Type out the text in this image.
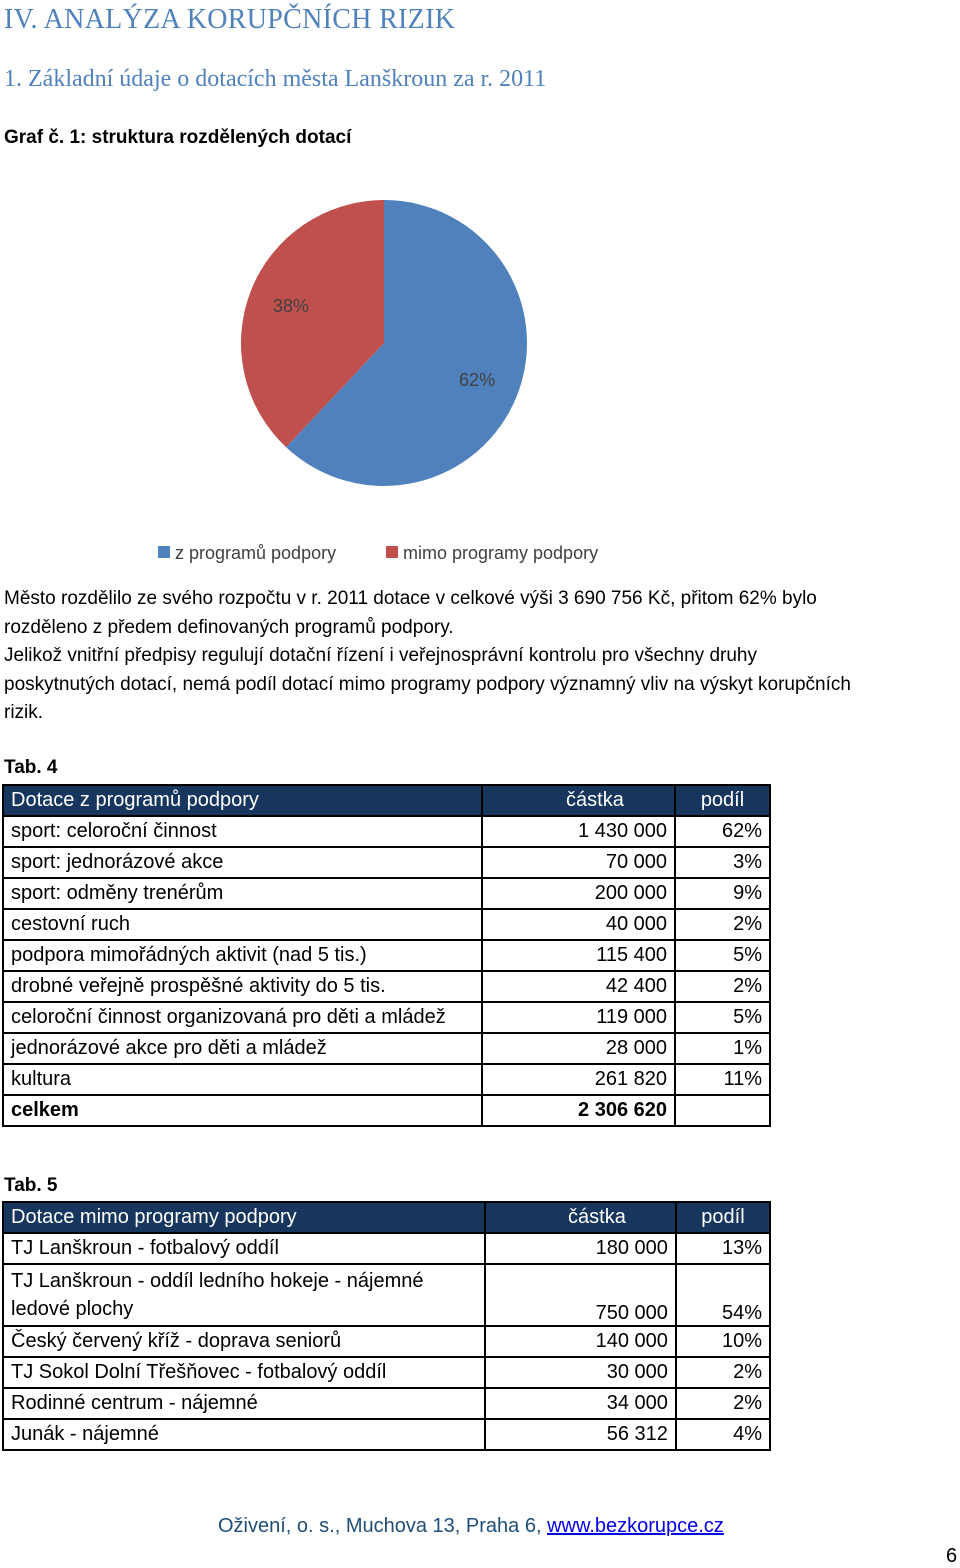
IV. ANALÝZA KORUPČNÍCH RIZIK
1. Základní údaje o dotacích města Lanškroun za r. 2011
Graf č. 1: struktura rozdělených dotací
62%
38%
z programů podpory	mimo programy podpory
Město rozdělilo ze svého rozpočtu v r. 2011 dotace v celkové výši 3 690 756 Kč, přitom 62% bylo
rozděleno z předem definovaných programů podpory.
Jelikož vnitřní předpisy regulují dotační řízení i veřejnosprávní kontrolu pro všechny druhy
poskytnutých dotací, nemá podíl dotací mimo programy podpory významný vliv na výskyt korupčních
rizik.
Tab. 4
Dotace z programů podpory	částka	podíl
sport: celoroční činnost	1 430 000	62%
sport: jednorázové akce	70 000	3%
sport: odměny trenérům	200 000	9%
cestovní ruch	40 000	2%
podpora mimořádných aktivit (nad 5 tis.)	115 400	5%
drobné veřejně prospěšné aktivity do 5 tis.	42 400	2%
celoroční činnost organizovaná pro děti a mládež	119 000	5%
jednorázové akce pro děti a mládež	28 000	1%
kultura	261 820	11%
celkem	2 306 620	
Tab. 5
Dotace mimo programy podpory	částka	podíl
TJ Lanškroun - fotbalový oddíl	180 000	13%

TJ Lanškroun - oddíl ledního hokeje - nájemné ledové plochy	750 000	54%
Český červený kříž - doprava seniorů	140 000	10%
TJ Sokol Dolní Třešňovec - fotbalový oddíl	30 000	2%
Rodinné centrum - nájemné	34 000	2%
Junák - nájemné	56 312	4%
Oživení, o. s., Muchova 13, Praha 6, www.bezkorupce.cz
6
